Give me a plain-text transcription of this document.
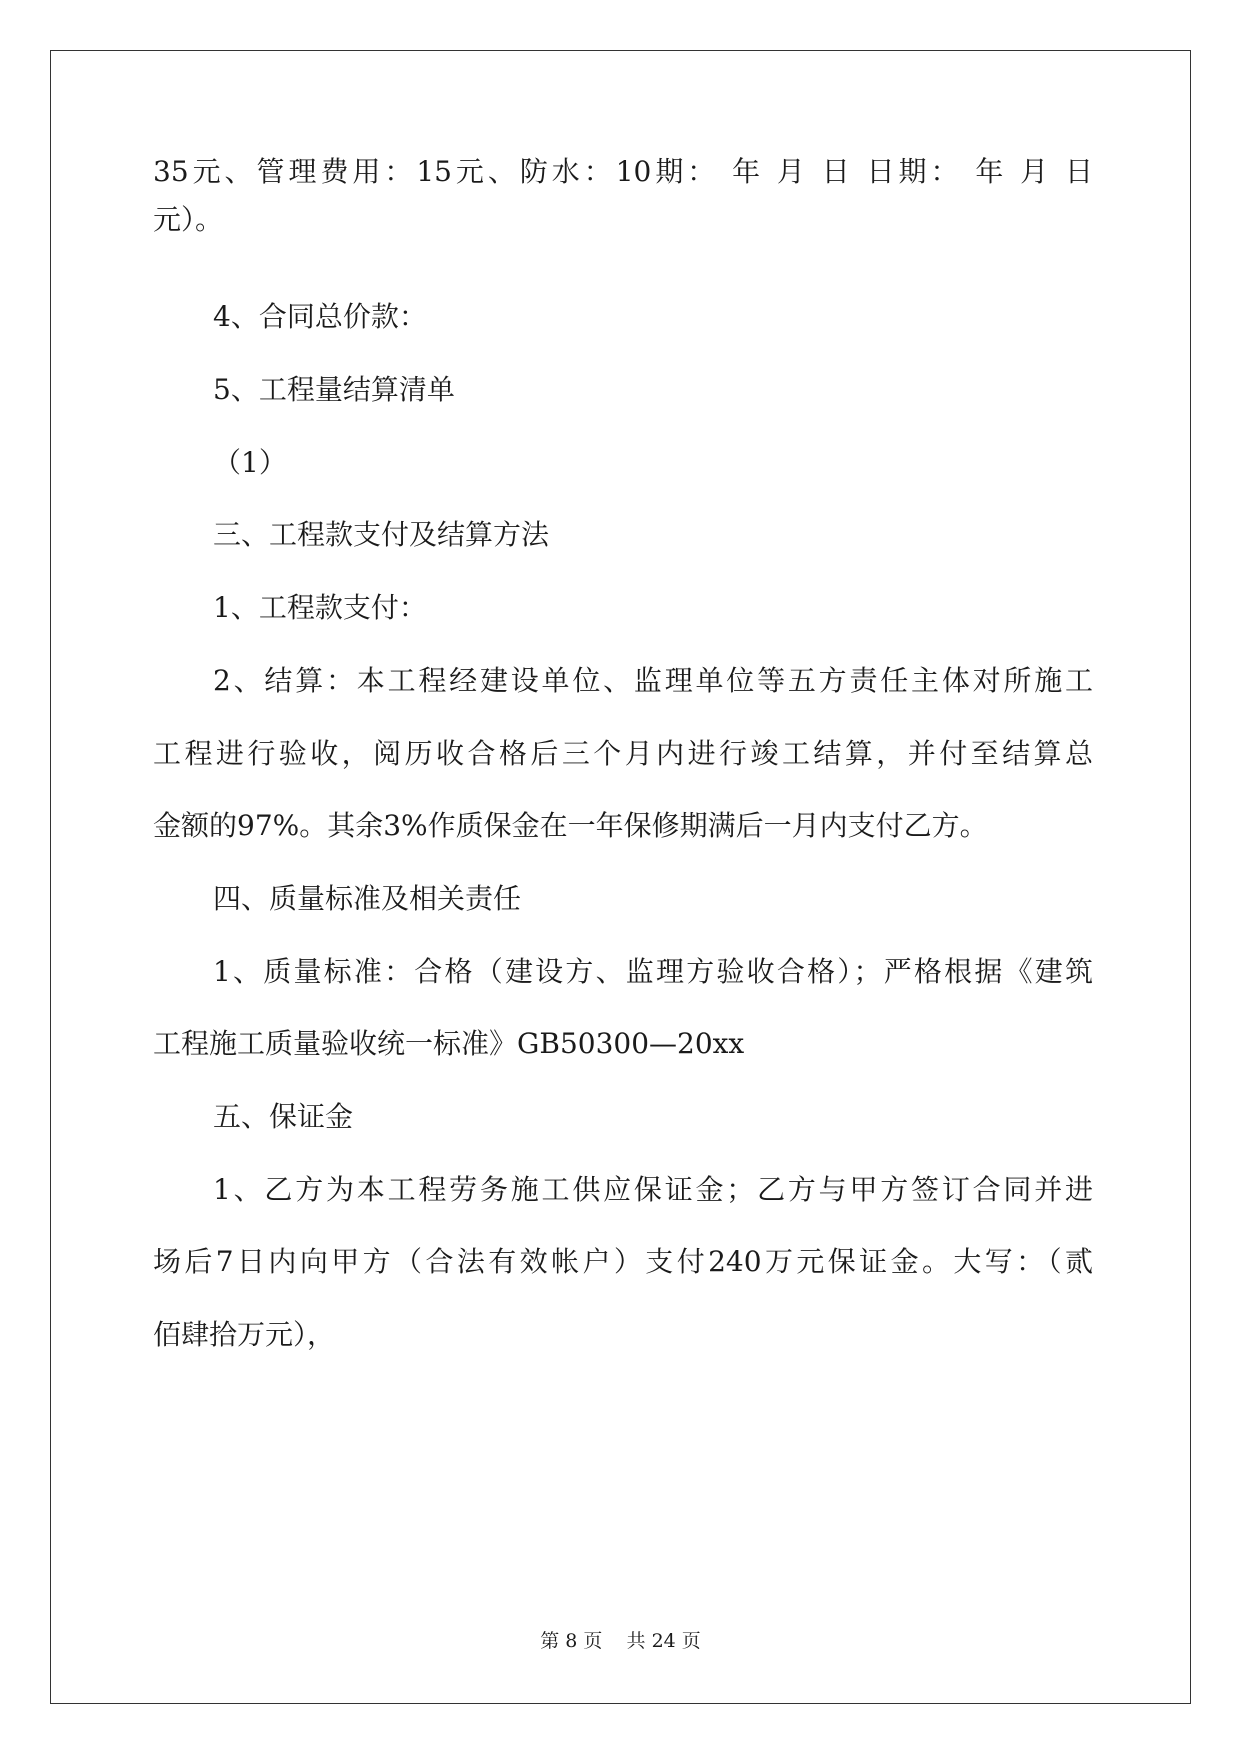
35元、管理费用：15元、防水：10期： 年 月 日 日期： 年 月 日
元）。
4、合同总价款：
5、工程量结算清单
（1）
三、工程款支付及结算方法
1、工程款支付：
2、结算：本工程经建设单位、监理单位等五方责任主体对所施工
工程进行验收，阅历收合格后三个月内进行竣工结算，并付至结算总
金额的97%。其余3%作质保金在一年保修期满后一月内支付乙方。
四、质量标准及相关责任
1、质量标准：合格（建设方、监理方验收合格）；严格根据《建筑
工程施工质量验收统一标准》GB50300—20xx
五、保证金
1、乙方为本工程劳务施工供应保证金；乙方与甲方签订合同并进
场后7日内向甲方（合法有效帐户）支付240万元保证金。大写：（贰
佰肆拾万元），
第 8 页    共 24 页
